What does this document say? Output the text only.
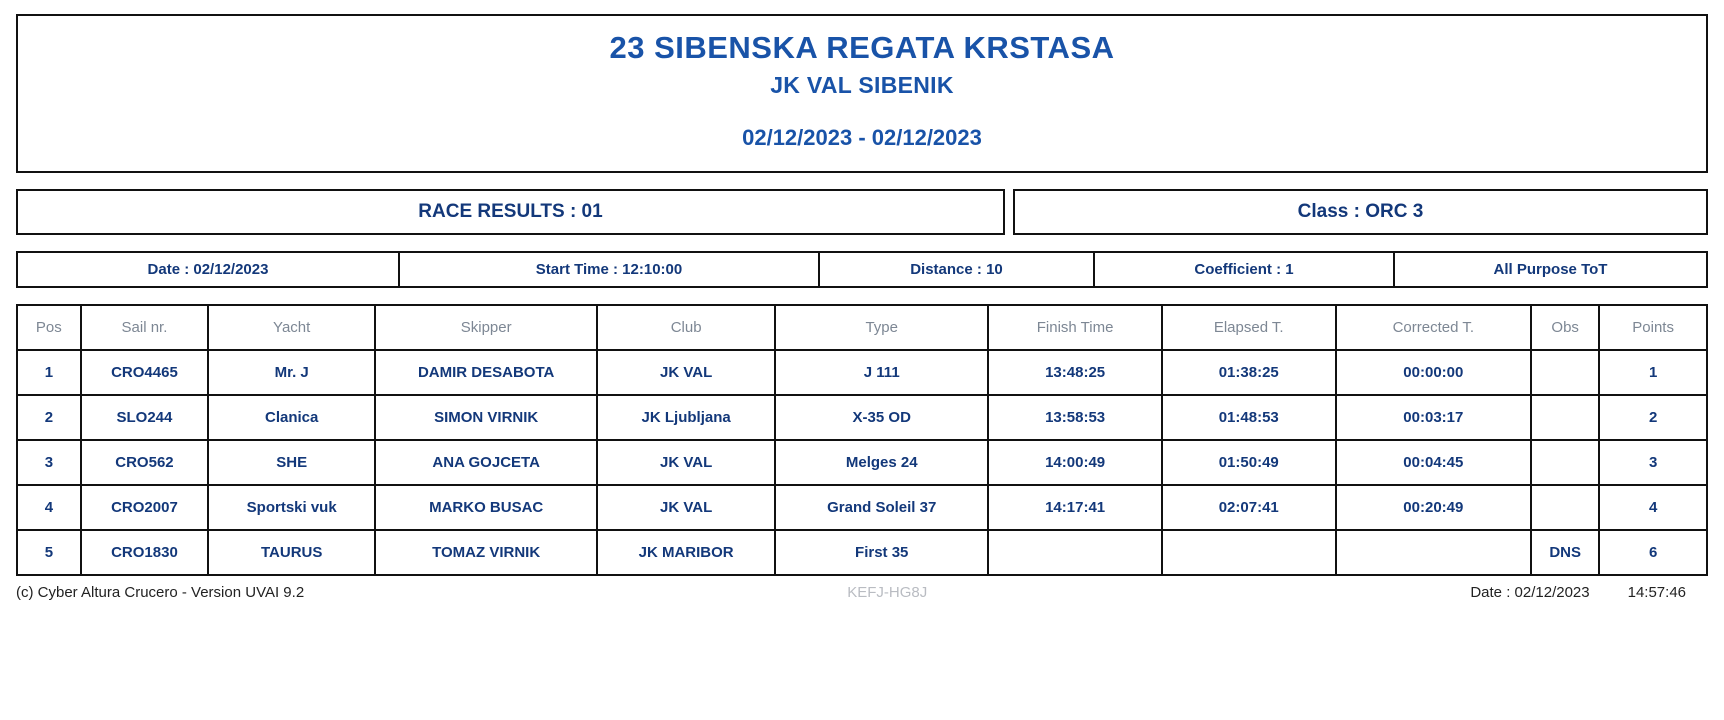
23 SIBENSKA REGATA KRSTASA
JK VAL SIBENIK
02/12/2023 - 02/12/2023
RACE RESULTS : 01	Class : ORC 3
Date : 02/12/2023	Start Time : 12:10:00	Distance : 10	Coefficient : 1	All Purpose ToT
Pos	Sail nr.	Yacht	Skipper	Club	Type	Finish Time	Elapsed T.	Corrected T.	Obs	Points
1	CRO4465	Mr. J	DAMIR DESABOTA	JK VAL	J 111	13:48:25	01:38:25	00:00:00		1
2	SLO244	Clanica	SIMON VIRNIK	JK Ljubljana	X-35 OD	13:58:53	01:48:53	00:03:17		2
3	CRO562	SHE	ANA GOJCETA	JK VAL	Melges 24	14:00:49	01:50:49	00:04:45		3
4	CRO2007	Sportski vuk	MARKO BUSAC	JK VAL	Grand Soleil 37	14:17:41	02:07:41	00:20:49		4
5	CRO1830	TAURUS	TOMAZ VIRNIK	JK MARIBOR	First 35				DNS	6
(c) Cyber Altura Crucero - Version UVAI 9.2	KEFJ-HG8J	Date : 02/12/2023	14:57:46
